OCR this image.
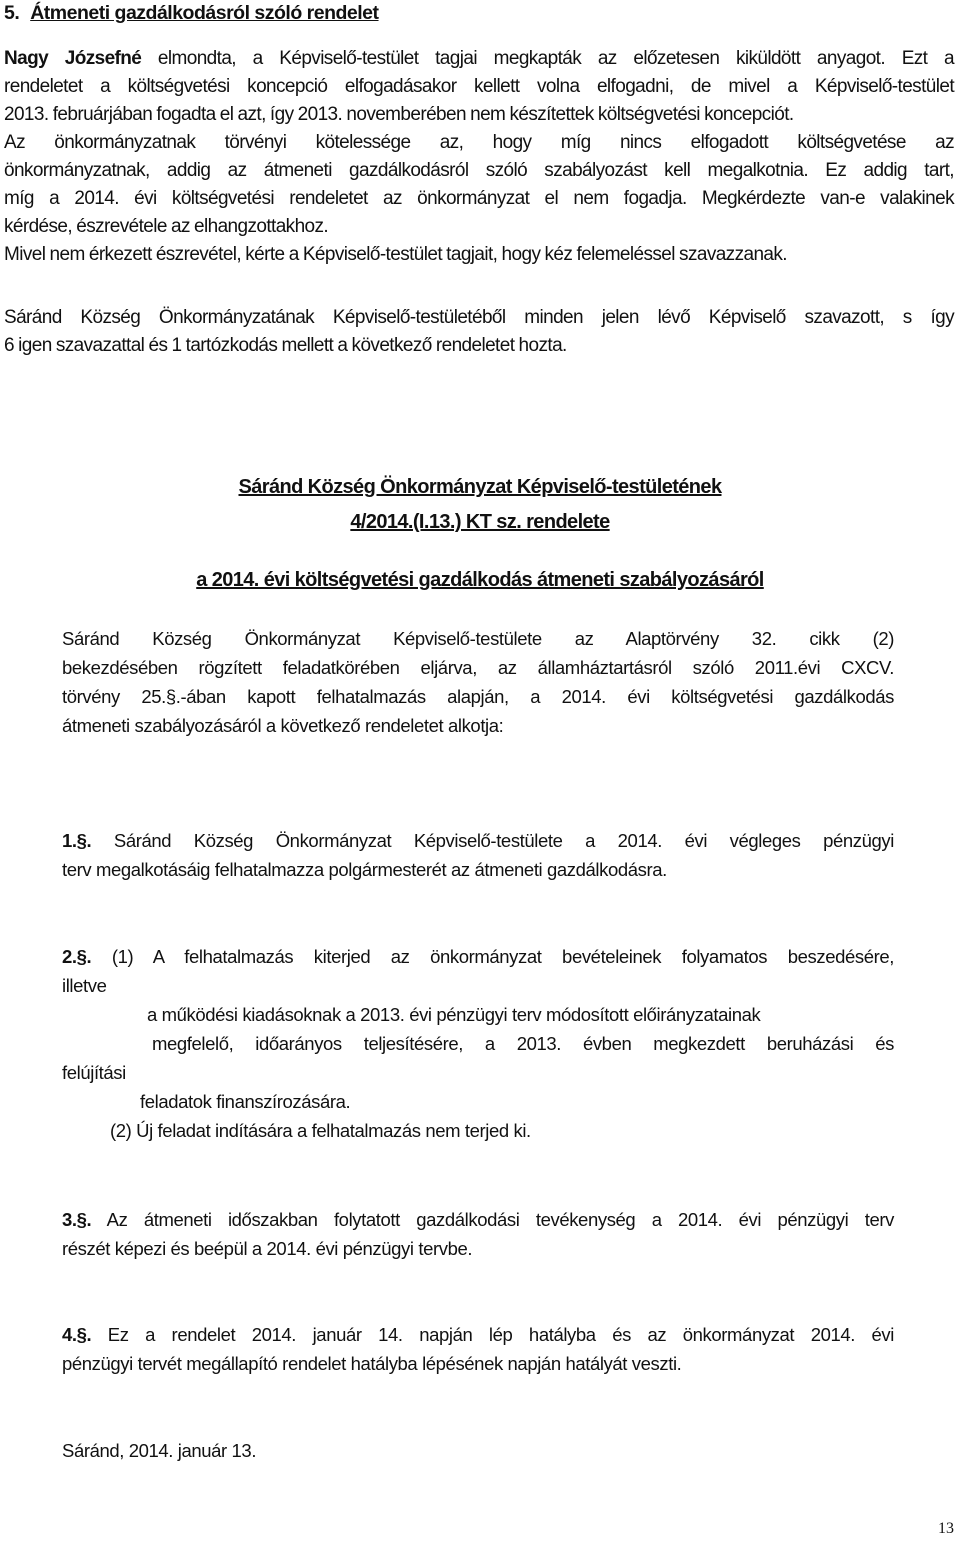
5. Átmeneti gazdálkodásról szóló rendelet
Nagy Józsefné elmondta, a Képviselő-testület tagjai megkapták az előzetesen kiküldött anyagot. Ezt a
rendeletet a költségvetési koncepció elfogadásakor kellett volna elfogadni, de mivel a Képviselő-testület
2013. februárjában fogadta el azt, így 2013. novemberében nem készítettek költségvetési koncepciót.
Az önkormányzatnak törvényi kötelessége az, hogy míg nincs elfogadott költségvetése az
önkormányzatnak, addig az átmeneti gazdálkodásról szóló szabályozást kell megalkotnia. Ez addig tart,
míg a 2014. évi költségvetési rendeletet az önkormányzat el nem fogadja. Megkérdezte van-e valakinek
kérdése, észrevétele az elhangzottakhoz.
Mivel nem érkezett észrevétel, kérte a Képviselő-testület tagjait, hogy kéz felemeléssel szavazzanak.
Sáránd Község Önkormányzatának Képviselő-testületéből minden jelen lévő Képviselő szavazott, s így
6 igen szavazattal és 1 tartózkodás mellett a következő rendeletet hozta.
Sáránd Község Önkormányzat Képviselő-testületének
4/2014.(I.13.) KT sz. rendelete
a 2014. évi költségvetési gazdálkodás átmeneti szabályozásáról
Sáránd Község Önkormányzat Képviselő-testülete az Alaptörvény 32. cikk (2)
bekezdésében rögzített feladatkörében eljárva, az államháztartásról szóló 2011.évi CXCV.
törvény 25.§.-ában kapott felhatalmazás alapján, a 2014. évi költségvetési gazdálkodás
átmeneti szabályozásáról a következő rendeletet alkotja:
1.§. Sáránd Község Önkormányzat Képviselő-testülete a 2014. évi végleges pénzügyi
terv megalkotásáig felhatalmazza polgármesterét az átmeneti gazdálkodásra.
2.§. (1) A felhatalmazás kiterjed az önkormányzat bevételeinek folyamatos beszedésére,
illetve
a működési kiadásoknak a 2013. évi pénzügyi terv módosított előirányzatainak
megfelelő, időarányos teljesítésére, a 2013. évben megkezdett beruházási és
felújítási
feladatok finanszírozására.
(2) Új feladat indítására a felhatalmazás nem terjed ki.
3.§. Az átmeneti időszakban folytatott gazdálkodási tevékenység a 2014. évi pénzügyi terv
részét képezi és beépül a 2014. évi pénzügyi tervbe.
4.§. Ez a rendelet 2014. január 14. napján lép hatályba és az önkormányzat 2014. évi
pénzügyi tervét megállapító rendelet hatályba lépésének napján hatályát veszti.
Sáránd, 2014. január 13.
13
